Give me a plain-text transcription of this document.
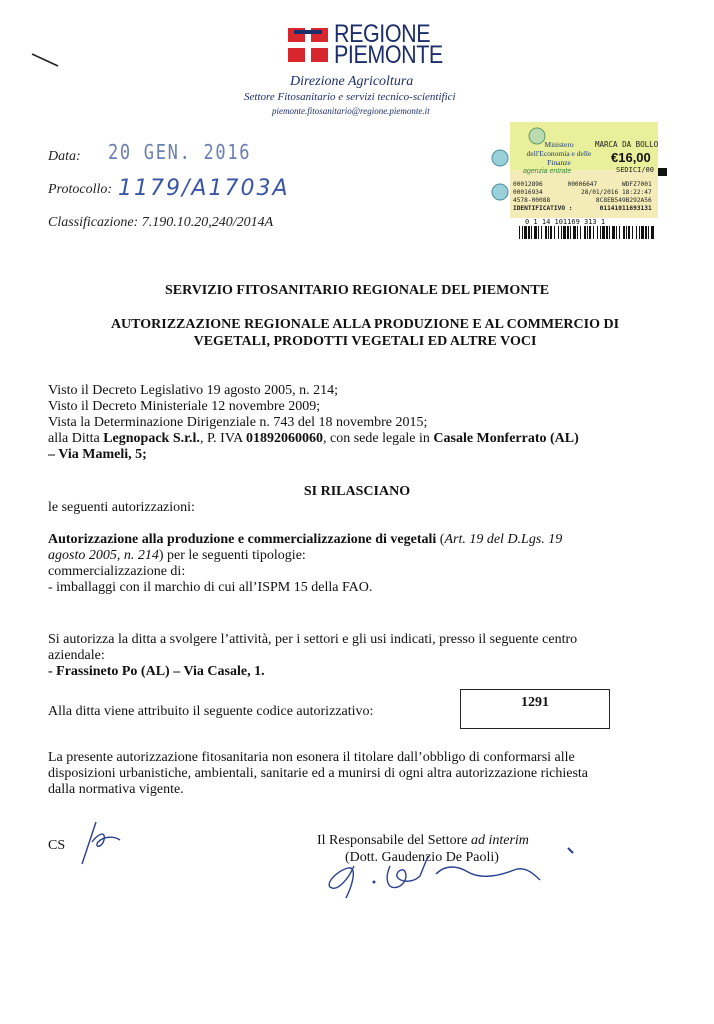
REGIONE
PIEMONTE
Direzione Agricoltura
Settore Fitosanitario e servizi tecnico-scientifici
piemonte.fitosanitario@regione.piemonte.it
Data: 20 GEN. 2016
Protocollo: 1179/A1703A
Classificazione: 7.190.10.20,240/2014A
Ministero dell'Economia e delle Finanze
MARCA DA BOLLO
€16,00
SEDICI/00
agenzia entrate
00012896	00006647	WDFZ7001
00016934	28/01/2016 18:22:47
4578-00088	8C8EB549B292A56
IDENTIFICATIVO :	01141011693131
0 1 14 101169 313 1
SERVIZIO FITOSANITARIO REGIONALE DEL PIEMONTE
AUTORIZZAZIONE REGIONALE ALLA PRODUZIONE E AL COMMERCIO DI
VEGETALI, PRODOTTI VEGETALI ED ALTRE VOCI
Visto il Decreto Legislativo 19 agosto 2005, n. 214;
Visto il Decreto Ministeriale 12 novembre 2009;
Vista la Determinazione Dirigenziale n. 743 del 18 novembre 2015;
alla Ditta Legnopack S.r.l., P. IVA 01892060060, con sede legale in Casale Monferrato (AL)
– Via Mameli, 5;
SI RILASCIANO
le seguenti autorizzazioni:
Autorizzazione alla produzione e commercializzazione di vegetali (Art. 19 del D.Lgs. 19
agosto 2005, n. 214) per le seguenti tipologie:
commercializzazione di:
- imballaggi con il marchio di cui all’ISPM 15 della FAO.
Si autorizza la ditta a svolgere l’attività, per i settori e gli usi indicati, presso il seguente centro
aziendale:
- Frassineto Po (AL) – Via Casale, 1.
Alla ditta viene attribuito il seguente codice autorizzativo:
1291
La presente autorizzazione fitosanitaria non esonera il titolare dall’obbligo di conformarsi alle
disposizioni urbanistiche, ambientali, sanitarie ed a munirsi di ogni altra autorizzazione richiesta
dalla normativa vigente.
CS	Il Responsabile del Settore ad interim
(Dott. Gaudenzio De Paoli)
